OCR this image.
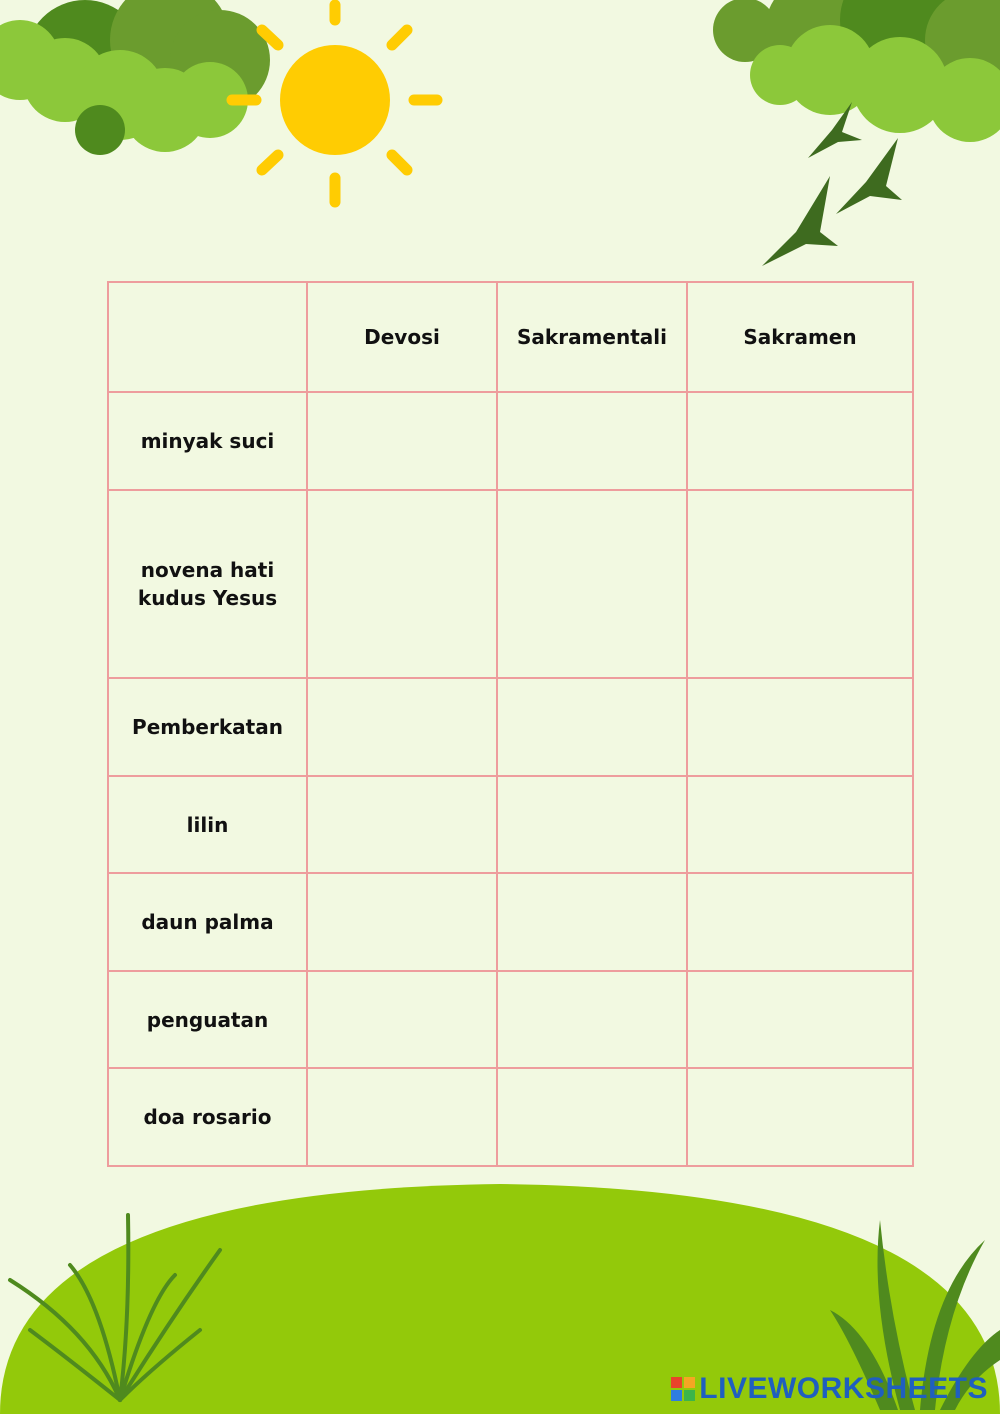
	Devosi	Sakramentali	Sakramen
minyak suci			
novena hati kudus Yesus			
Pemberkatan			
lilin			
daun palma			
penguatan			
doa rosario			
LIVEWORKSHEETS
